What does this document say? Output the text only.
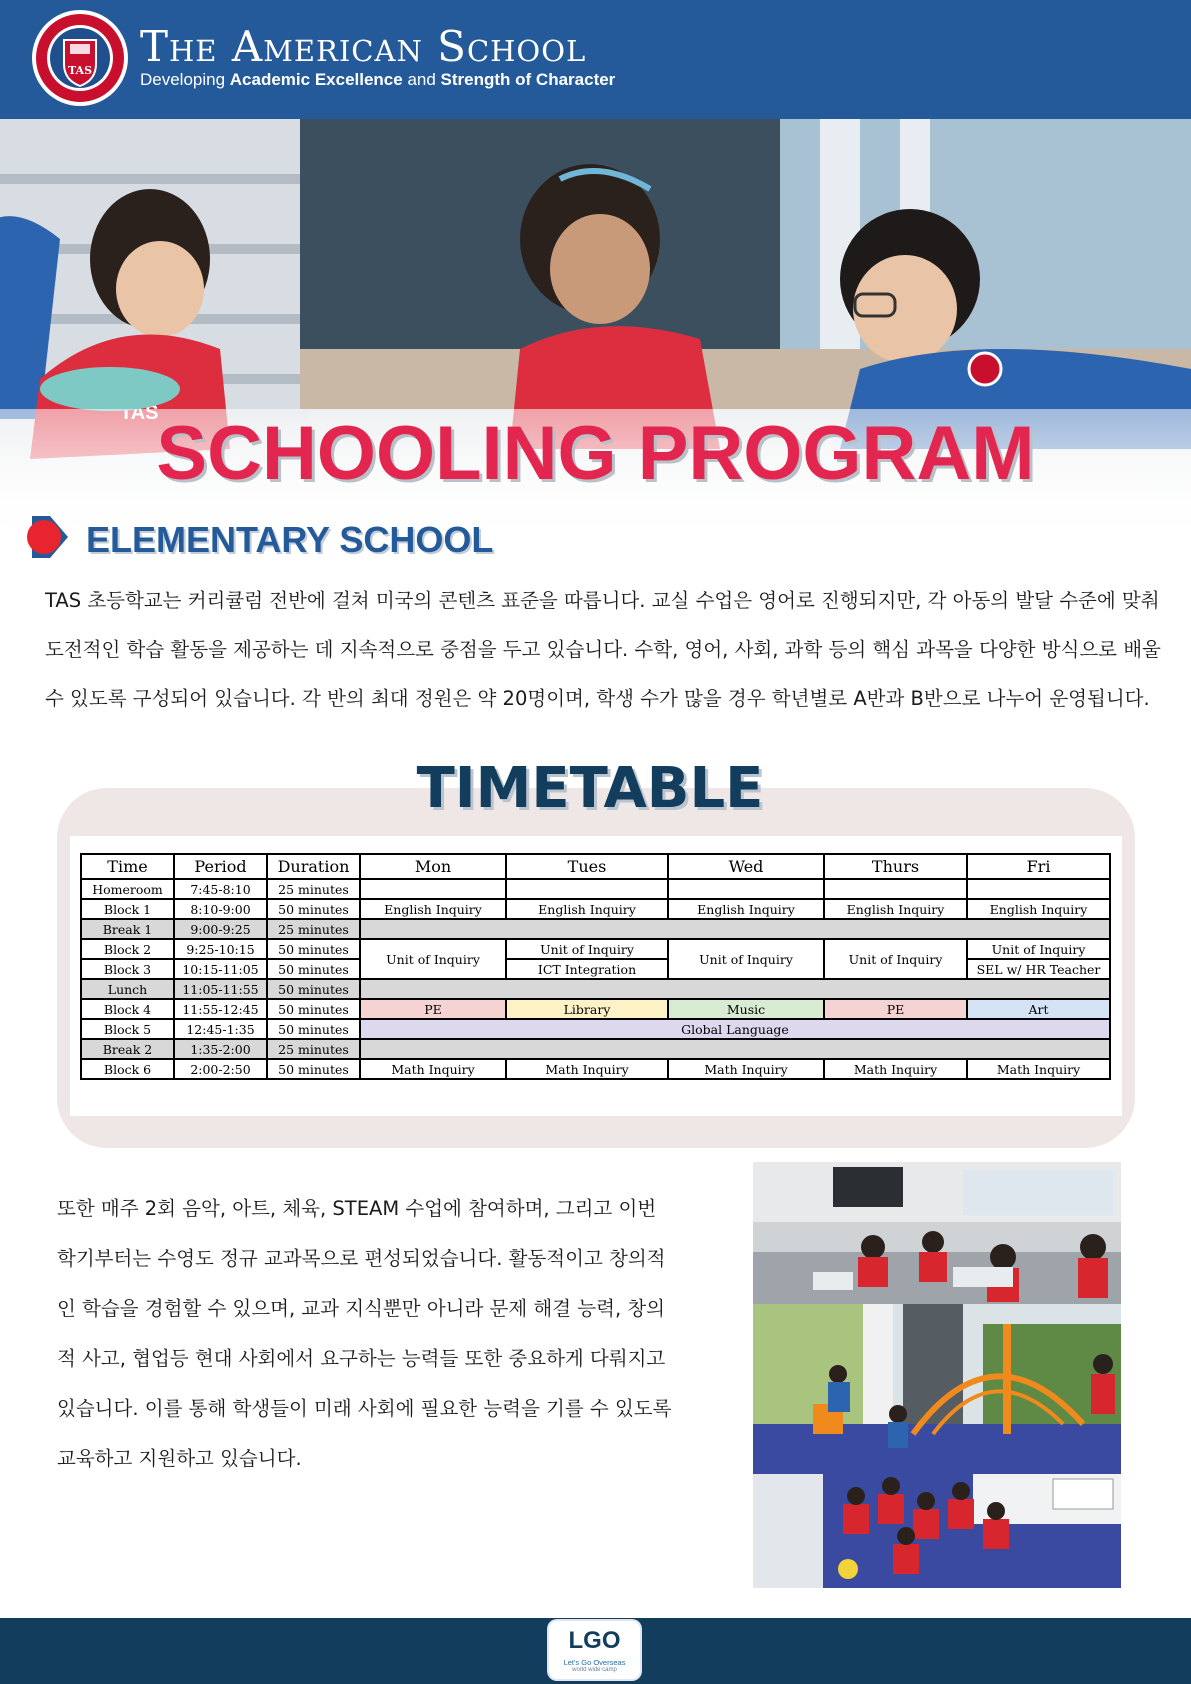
TAS The American School
Developing Academic Excellence and Strength of Character
SCHOOLING PROGRAM
ELEMENTARY SCHOOL
TAS 초등학교는 커리큘럼 전반에 걸쳐 미국의 콘텐츠 표준을 따릅니다. 교실 수업은 영어로 진행되지만, 각 아동의 발달 수준에 맞춰 도전적인 학습 활동을 제공하는 데 지속적으로 중점을 두고 있습니다. 수학, 영어, 사회, 과학 등의 핵심 과목을 다양한 방식으로 배울 수 있도록 구성되어 있습니다. 각 반의 최대 정원은 약 20명이며, 학생 수가 많을 경우 학년별로 A반과 B반으로 나누어 운영됩니다.
TIMETABLE
Time	Period	Duration	Mon	Tues	Wed	Thurs	Fri
Homeroom	7:45-8:10	25 minutes					
Block 1	8:10-9:00	50 minutes	English Inquiry	English Inquiry	English Inquiry	English Inquiry	English Inquiry
Break 1	9:00-9:25	25 minutes					
Block 2	9:25-10:15	50 minutes	Unit of Inquiry	Unit of Inquiry	Unit of Inquiry	Unit of Inquiry	Unit of Inquiry
Block 3	10:15-11:05	50 minutes		ICT Integration			SEL w/ HR Teacher
Lunch	11:05-11:55	50 minutes					
Block 4	11:55-12:45	50 minutes	PE	Library	Music	PE	Art
Block 5	12:45-1:35	50 minutes	Global Language				
Break 2	1:35-2:00	25 minutes					
Block 6	2:00-2:50	50 minutes	Math Inquiry	Math Inquiry	Math Inquiry	Math Inquiry	Math Inquiry
또한 매주 2회 음악, 아트, 체육, STEAM 수업에 참여하며, 그리고 이번 학기부터는 수영도 정규 교과목으로 편성되었습니다. 활동적이고 창의적인 학습을 경험할 수 있으며, 교과 지식뿐만 아니라 문제 해결 능력, 창의적 사고, 협업등 현대 사회에서 요구하는 능력들 또한 중요하게 다뤄지고 있습니다. 이를 통해 학생들이 미래 사회에 필요한 능력을 기를 수 있도록 교육하고 지원하고 있습니다.
LGO
Let's Go Overseas
world wide camp
